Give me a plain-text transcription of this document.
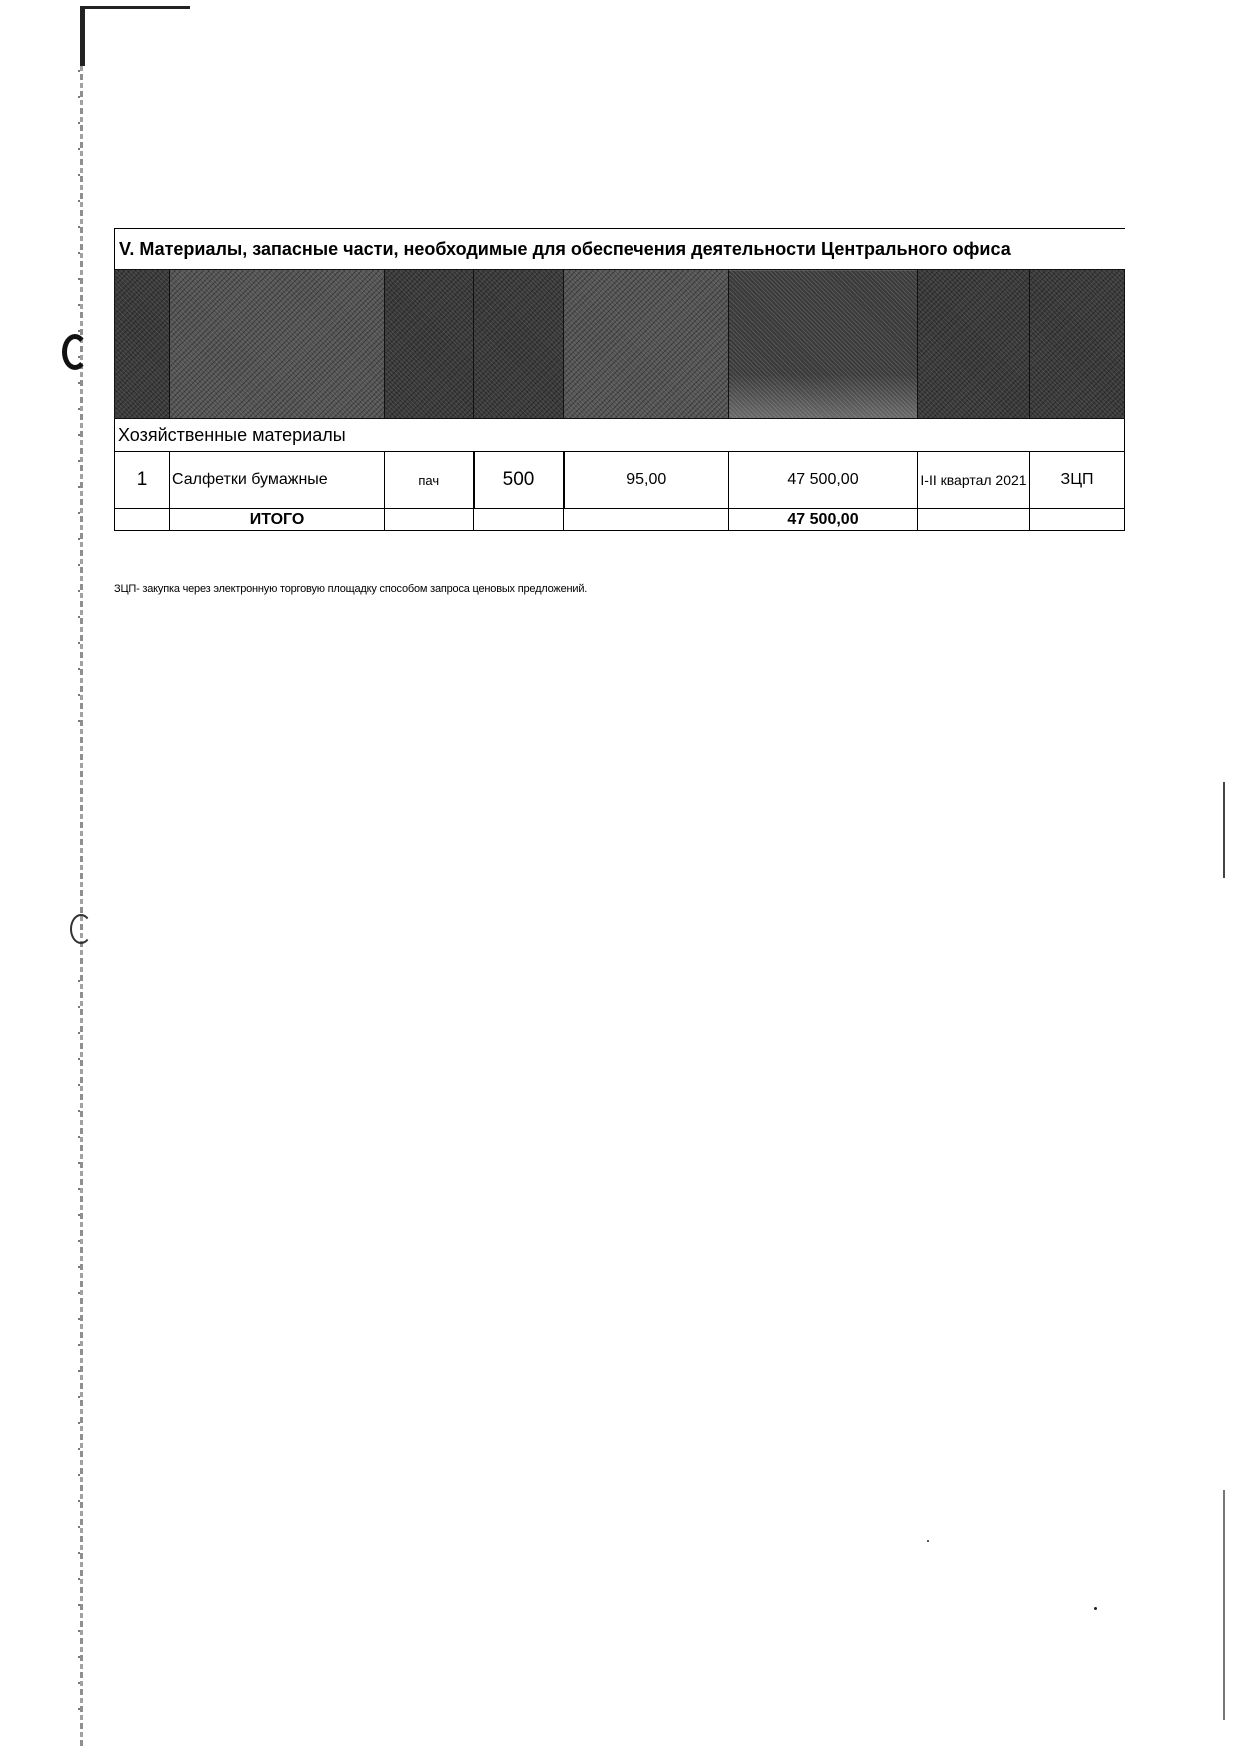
V. Материалы, запасные части, необходимые для обеспечения деятельности Центрального офиса							

Хозяйственные материалы							
1	Салфетки бумажные	пач	500	95,00	47 500,00	I-II квартал 2021	ЗЦП
	ИТОГО				47 500,00		
ЗЦП- закупка через электронную торговую площадку способом запроса ценовых предложений.
